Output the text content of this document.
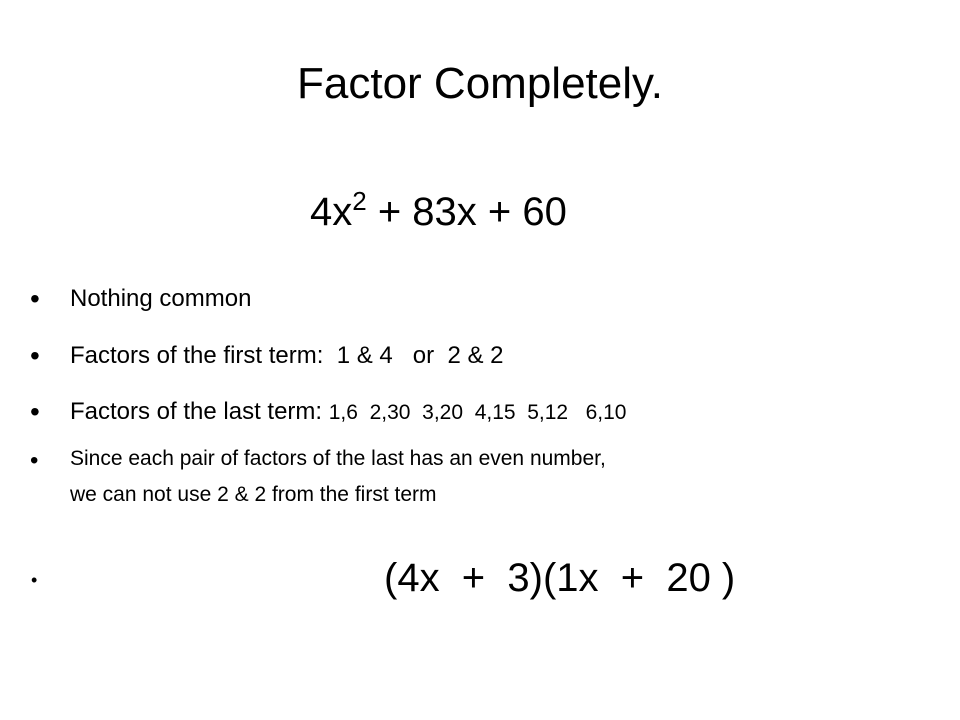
Factor Completely.
$4x^2 + 83x + 60$
• Nothing common
• Factors of the first term:  1 & 4   or  2 & 2
• Factors of the last term: 1,6  2,30  3,20  4,15  5,12   6,10
• Since each pair of factors of the last has an even number,
we can not use 2 & 2 from the first term
•	(4x  +  3)(1x  +  20 )
